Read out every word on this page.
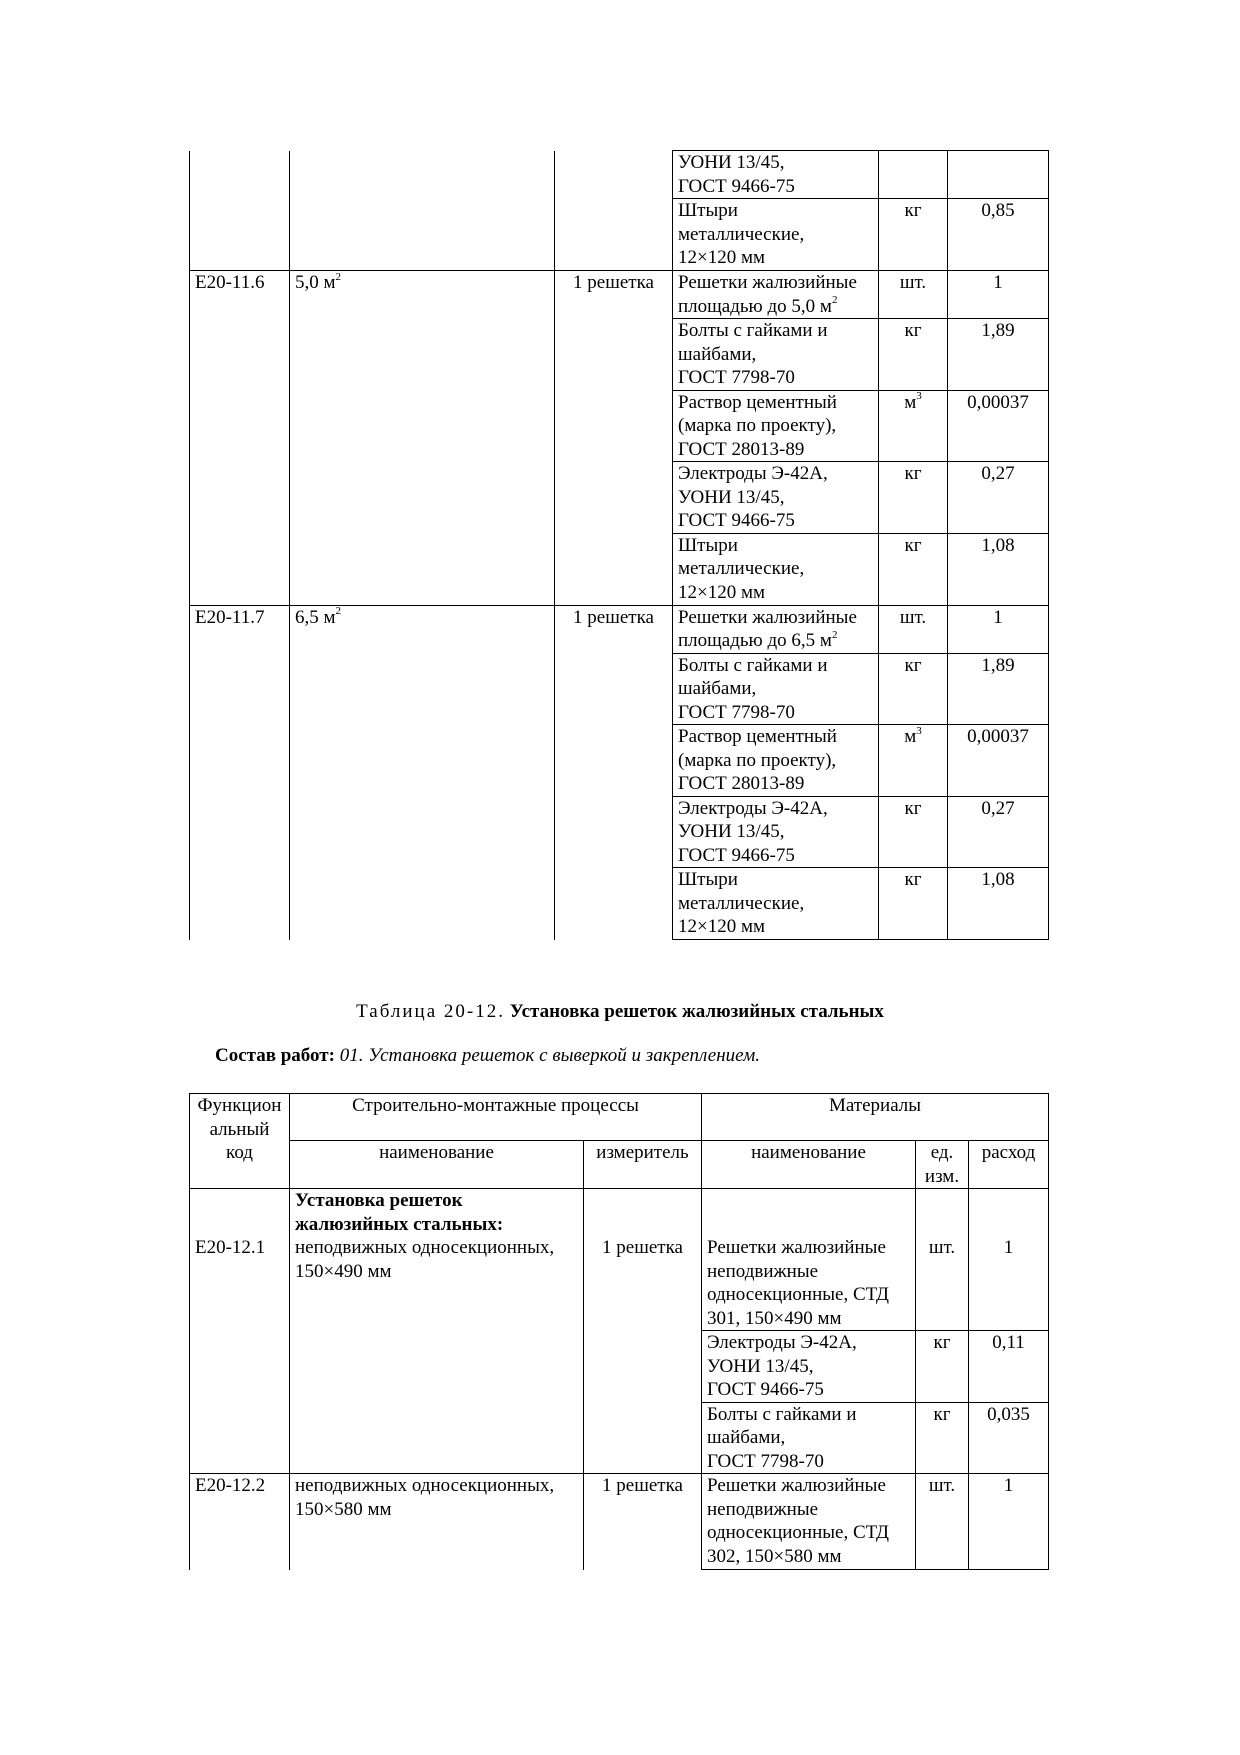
			УОНИ 13/45,
ГОСТ 9466-75		
			Штыри
металлические,
12×120 мм	кг	0,85
Е20-11.6	5,0 $м^2$	1 решетка	Решетки жалюзийные
площадью до 5,0 $м^2$	шт.	1
			Болты с гайками и
шайбами,
ГОСТ 7798-70	кг	1,89
			Раствор цементный
(марка по проекту),
ГОСТ 28013-89	$м^3$	0,00037
			Электроды Э-42А,
УОНИ 13/45,
ГОСТ 9466-75	кг	0,27
			Штыри
металлические,
12×120 мм	кг	1,08
Е20-11.7	6,5 $м^2$	1 решетка	Решетки жалюзийные
площадью до 6,5 $м^2$	шт.	1
			Болты с гайками и
шайбами,
ГОСТ 7798-70	кг	1,89
			Раствор цементный
(марка по проекту),
ГОСТ 28013-89	$м^3$	0,00037
			Электроды Э-42А,
УОНИ 13/45,
ГОСТ 9466-75	кг	0,27
			Штыри
металлические,
12×120 мм	кг	1,08
Таблица 20-12. Установка решеток жалюзийных стальных
Состав работ: 01. Установка решеток с выверкой и закреплением.
Функцион
альный
код	Строительно-монтажные процессы		Материалы		
	наименование	измеритель	наименование	ед.
изм.	расход
Е20-12.1	Установка решеток
жалюзийных стальных:
неподвижных односекционных,
150×490 мм	1 решетка	Решетки жалюзийные
неподвижные
односекционные, СТД
301, 150×490 мм	шт.	1
			Электроды Э-42А,
УОНИ 13/45,
ГОСТ 9466-75	кг	0,11
			Болты с гайками и
шайбами,
ГОСТ 7798-70	кг	0,035
Е20-12.2	неподвижных односекционных,
150×580 мм	1 решетка	Решетки жалюзийные
неподвижные
односекционные, СТД
302, 150×580 мм	шт.	1
